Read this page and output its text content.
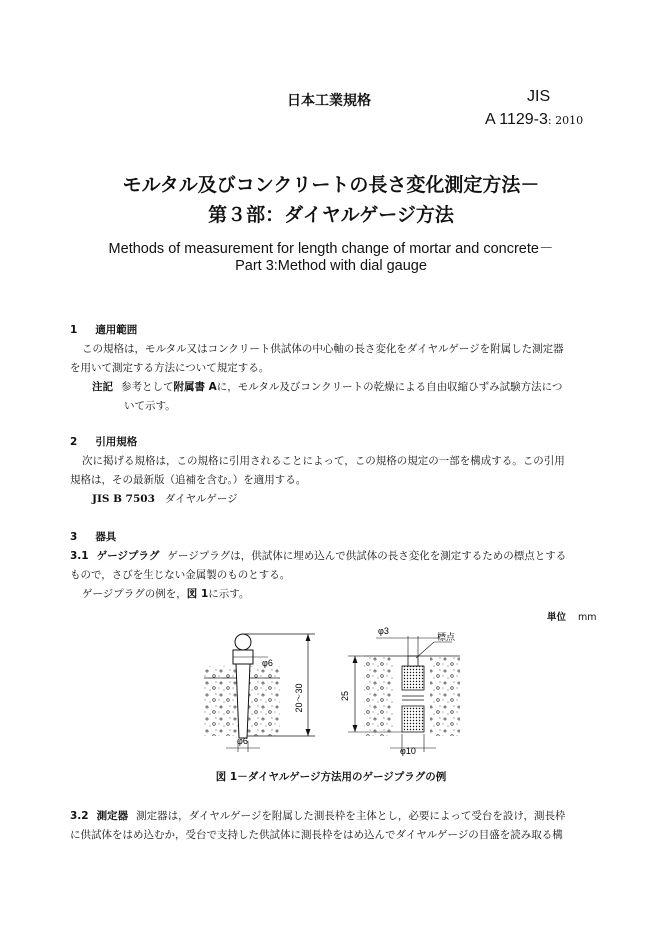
日本工業規格	JIS
A 1129-3: 2010
モルタル及びコンクリートの長さ変化測定方法－
第３部：ダイヤルゲージ方法
Methods of measurement for length change of mortar and concrete－
Part 3:Method with dial gauge
1 適用範囲
この規格は，モルタル又はコンクリート供試体の中心軸の長さ変化をダイヤルゲージを附属した測定器
を用いて測定する方法について規定する。
注記 参考として附属書 Aに，モルタル及びコンクリートの乾燥による自由収縮ひずみ試験方法につ
いて示す。
2 引用規格
次に掲げる規格は，この規格に引用されることによって，この規格の規定の一部を構成する。この引用
規格は，その最新版（追補を含む。）を適用する。
JIS B 7503 ダイヤルゲージ
3 器具
3.1 ゲージプラグ ゲージプラグは，供試体に埋め込んで供試体の長さ変化を測定するための標点とする
もので，さびを生じない金属製のものとする。
ゲージプラグの例を，図 1に示す。
単位 mm
φ6
φ6
20～30
φ3
標点
25
φ10
図 1－ダイヤルゲージ方法用のゲージプラグの例
3.2 測定器 測定器は，ダイヤルゲージを附属した測長枠を主体とし，必要によって受台を設け，測長枠
に供試体をはめ込むか，受台で支持した供試体に測長枠をはめ込んでダイヤルゲージの目盛を読み取る構
